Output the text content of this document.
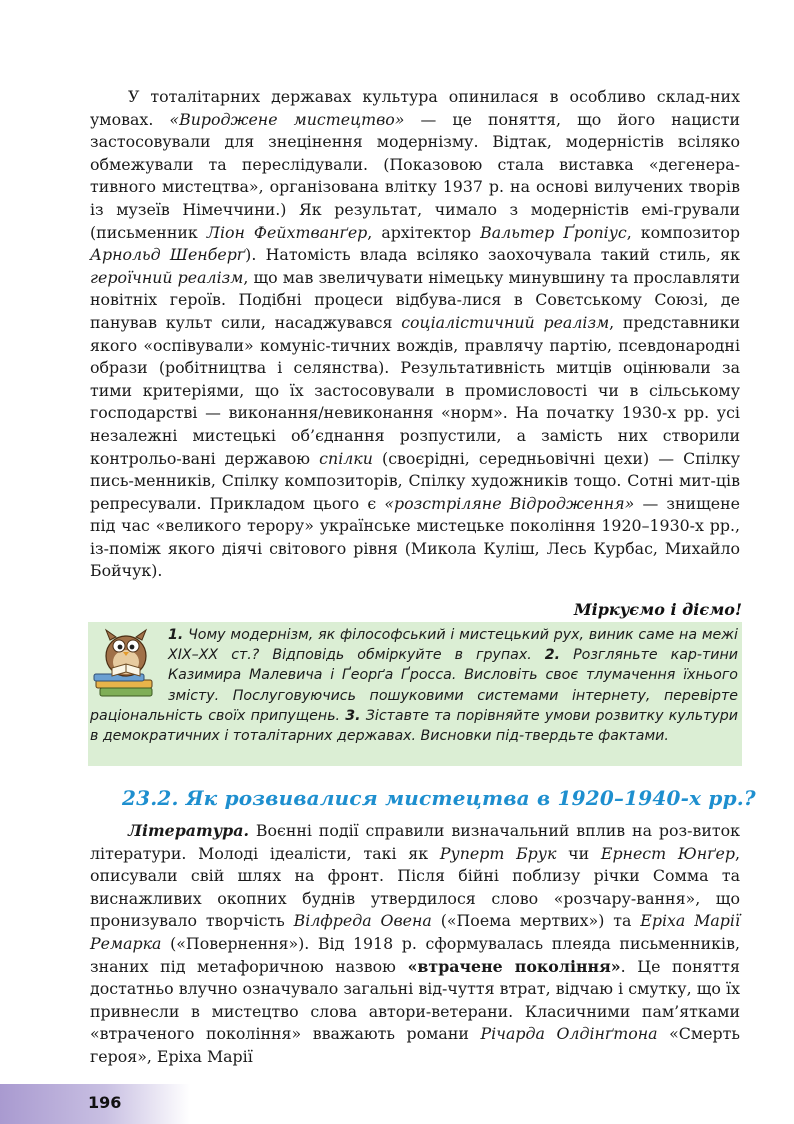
У тоталітарних державах культура опинилася в особливо склад-них умовах. «Вироджене мистецтво» — це поняття, що його нацисти застосовували для знецінення модернізму. Відтак, модерністів всіляко обмежували та переслідували. (Показовою стала виставка «дегенера-тивного мистецтва», організована влітку 1937 р. на основі вилучених творів із музеїв Німеччини.) Як результат, чимало з модерністів емі-грували (письменник Ліон Фейхтванґер, архітектор Вальтер Ґропіус, композитор Арнольд Шенберґ). Натомість влада всіляко заохочувала такий стиль, як героїчний реалізм, що мав звеличувати німецьку минувшину та прославляти новітніх героїв. Подібні процеси відбува-лися в Совєтському Союзі, де панував культ сили, насаджувався соціалістичний реалізм, представники якого «оспівували» комуніс-тичних вождів, правлячу партію, псевдонародні образи (робітництва і селянства). Результативність митців оцінювали за тими критеріями, що їх застосовували в промисловості чи в сільському господарстві — виконання/невиконання «норм». На початку 1930-х рр. усі незалежні мистецькі об’єднання розпустили, а замість них створили контрольо-вані державою спілки (своєрідні, середньовічні цехи) — Спілку пись-менників, Спілку композиторів, Спілку художників тощо. Сотні мит-ців репресували. Прикладом цього є «розстріляне Відродження» — знищене під час «великого терору» українське мистецьке покоління 1920–1930-х рр., із-поміж якого діячі світового рівня (Микола Куліш, Лесь Курбас, Михайло Бойчук).

Міркуємо і діємо!

1. Чому модернізм, як філософський і мистецький рух, виник саме на межі XIX–XX ст.? Відповідь обміркуйте в групах. 2. Розгляньте кар-тини Казимира Малевича і Ґеорґа Ґросса. Висловіть своє тлумачення їхнього змісту. Послуговуючись пошуковими системами інтернету, перевірте раціональність своїх припущень. 3. Зіставте та порівняйте умови розвитку культури в демократичних і тоталітарних державах. Висновки під-твердьте фактами.

23.2. Як розвивалися мистецтва в 1920–1940-х рр.?

Література. Воєнні події справили визначальний вплив на роз-виток літератури. Молоді ідеалісти, такі як Руперт Брук чи Ернест Юнґер, описували свій шлях на фронт. Після бійні поблизу річки Сомма та виснажливих окопних буднів утвердилося слово «розчару-вання», що пронизувало творчість Вілфреда Овена («Поема мертвих») та Еріха Марії Ремарка («Повернення»). Від 1918 р. сформувалась плеяда письменників, знаних під метафоричною назвою «втрачене покоління». Це поняття достатньо влучно означувало загальні від-чуття втрат, відчаю і смутку, що їх привнесли в мистецтво слова автори-ветерани. Класичними пам’ятками «втраченого покоління» вважають романи Річарда Олдінґтона «Смерть героя», Еріха Марії

196
